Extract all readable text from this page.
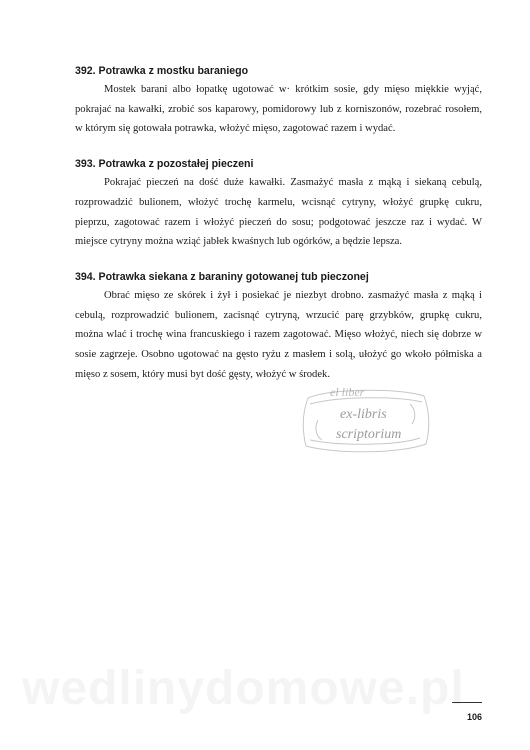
392. Potrawka z mostku baraniego

Mostek barani albo łopatkę ugotować w· krótkim sosie, gdy mięso miękkie wyjąć, pokrajać na kawałki, zrobić sos kaparowy, pomidorowy lub z korniszonów, rozebrać rosołem, w którym się gotowała potrawka, włożyć mięso, zagotować razem i wydać.

393. Potrawka z pozostałej pieczeni

Pokrajać pieczeń na dość duże kawałki. Zasmażyć masła z mąką i siekaną cebulą, rozprowadzić bulionem, włożyć trochę karmelu, wcisnąć cytryny, włożyć grupkę cukru, pieprzu, zagotować razem i włożyć pieczeń do sosu; podgotować jeszcze raz i wydać. W miejsce cytryny można wziąć jabłek kwaśnych lub ogórków, a będzie lepsza.

394. Potrawka siekana z baraniny gotowanej tub pieczonej

Obrać mięso ze skórek i żył i posiekać je niezbyt drobno. zasmażyć masła z mąką i cebulą, rozprowadzić bulionem, zacisnąć cytryną, wrzucić parę grzybków, grupkę cukru, można wlać i trochę wina francuskiego i razem zagotować. Mięso włożyć, niech się dobrze w sosie zagrzeje. Osobno ugotować na gęsto ryżu z masłem i solą, ułożyć go wkoło półmiska a mięso z sosem, który musi byt dość gęsty, włożyć w środek.

el liber
ex-libris
scriptorium
106
